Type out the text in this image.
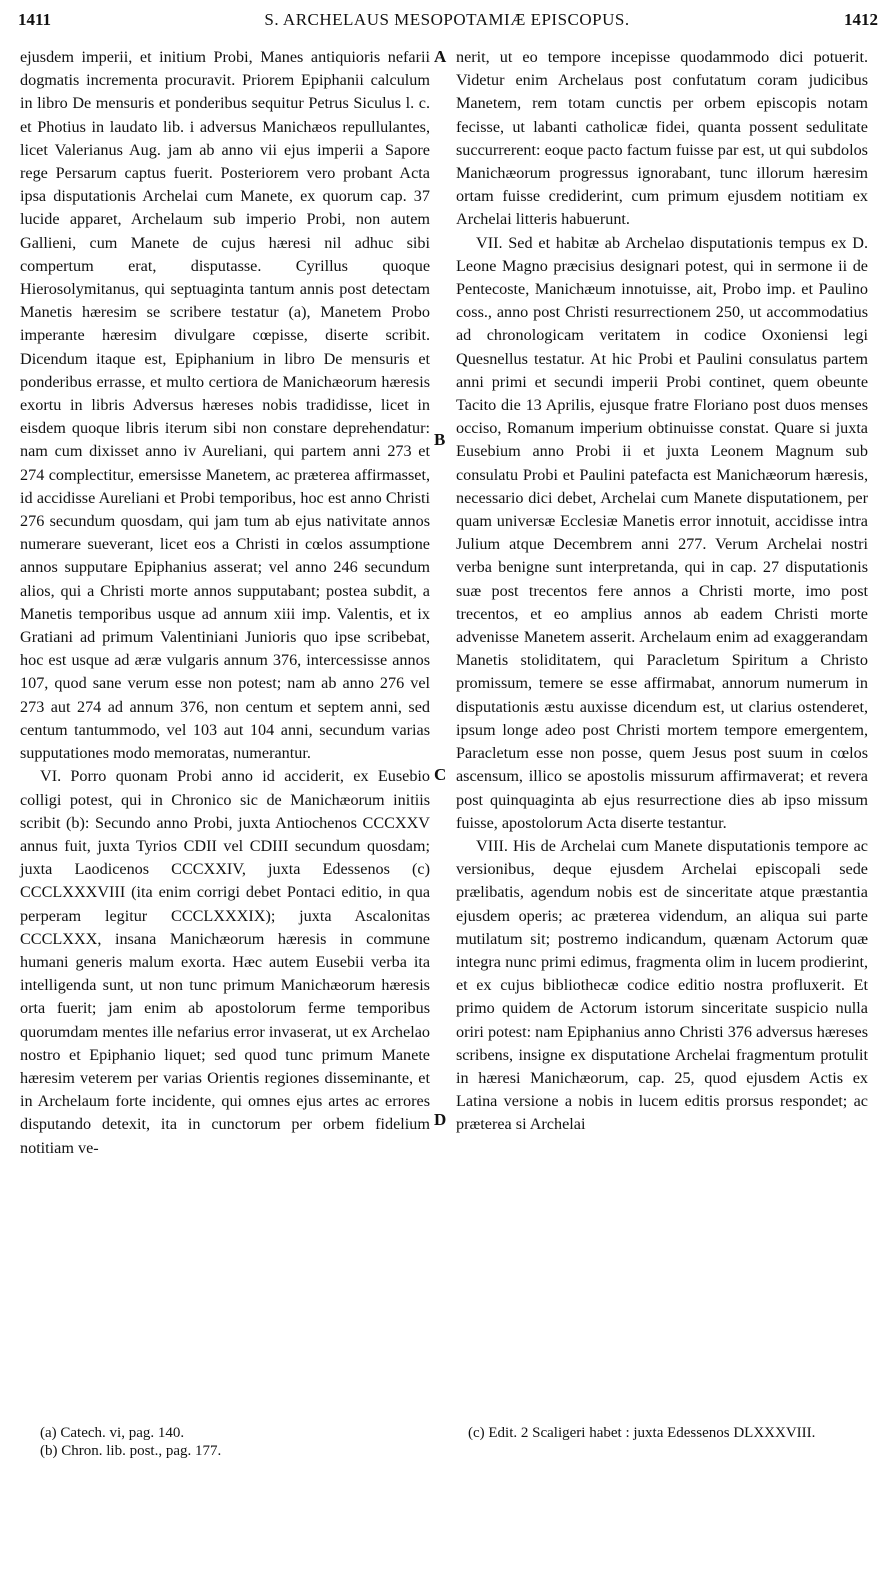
1411	S. ARCHELAUS MESOPOTAMIÆ EPISCOPUS.	1412

ejusdem imperii, et initium Probi, Manes antiquioris nefarii dogmatis incrementa procuravit. Priorem Epiphanii calculum in libro De mensuris et ponderibus sequitur Petrus Siculus l. c. et Photius in laudato lib. i adversus Manichæos repullulantes, licet Valerianus Aug. jam ab anno vii ejus imperii a Sapore rege Persarum captus fuerit. Posteriorem vero probant Acta ipsa disputationis Archelai cum Manete, ex quorum cap. 37 lucide apparet, Archelaum sub imperio Probi, non autem Gallieni, cum Manete de cujus hæresi nil adhuc sibi compertum erat, disputasse. Cyrillus quoque Hierosolymitanus, qui septuaginta tantum annis post detectam Manetis hæresim se scribere testatur (a), Manetem Probo imperante hæresim divulgare cœpisse, diserte scribit. Dicendum itaque est, Epiphanium in libro De mensuris et ponderibus errasse, et multo certiora de Manichæorum hæresis exortu in libris Adversus hæreses nobis tradidisse, licet in eisdem quoque libris iterum sibi non constare deprehendatur: nam cum dixisset anno iv Aureliani, qui partem anni 273 et 274 complectitur, emersisse Manetem, ac præterea affirmasset, id accidisse Aureliani et Probi temporibus, hoc est anno Christi 276 secundum quosdam, qui jam tum ab ejus nativitate annos numerare sueverant, licet eos a Christi in cœlos assumptione annos supputare Epiphanius asserat; vel anno 246 secundum alios, qui a Christi morte annos supputabant; postea subdit, a Manetis temporibus usque ad annum xiii imp. Valentis, et ix Gratiani ad primum Valentiniani Junioris quo ipse scribebat, hoc est usque ad æræ vulgaris annum 376, intercessisse annos 107, quod sane verum esse non potest; nam ab anno 276 vel 273 aut 274 ad annum 376, non centum et septem anni, sed centum tantummodo, vel 103 aut 104 anni, secundum varias supputationes modo memoratas, numerantur.

VI. Porro quonam Probi anno id acciderit, ex Eusebio colligi potest, qui in Chronico sic de Manichæorum initiis scribit (b): Secundo anno Probi, juxta Antiochenos CCCXXV annus fuit, juxta Tyrios CDII vel CDIII secundum quosdam; juxta Laodicenos CCCXXIV, juxta Edessenos (c) CCCLXXXVIII (ita enim corrigi debet Pontaci editio, in qua perperam legitur CCCLXXXIX); juxta Ascalonitas CCCLXXX, insana Manichæorum hæresis in commune humani generis malum exorta. Hæc autem Eusebii verba ita intelligenda sunt, ut non tunc primum Manichæorum hæresis orta fuerit; jam enim ab apostolorum ferme temporibus quorumdam mentes ille nefarius error invaserat, ut ex Archelao nostro et Epiphanio liquet; sed quod tunc primum Manete hæresim veterem per varias Orientis regiones disseminante, et in Archelaum forte incidente, qui omnes ejus artes ac errores disputando detexit, ita in cunctorum per orbem fidelium notitiam ve-

A
B
C
D

nerit, ut eo tempore incepisse quodammodo dici potuerit. Videtur enim Archelaus post confutatum coram judicibus Manetem, rem totam cunctis per orbem episcopis notam fecisse, ut labanti catholicæ fidei, quanta possent sedulitate succurrerent: eoque pacto factum fuisse par est, ut qui subdolos Manichæorum progressus ignorabant, tunc illorum hæresim ortam fuisse crediderint, cum primum ejusdem notitiam ex Archelai litteris habuerunt.

VII. Sed et habitæ ab Archelao disputationis tempus ex D. Leone Magno præcisius designari potest, qui in sermone ii de Pentecoste, Manichæum innotuisse, ait, Probo imp. et Paulino coss., anno post Christi resurrectionem 250, ut accommodatius ad chronologicam veritatem in codice Oxoniensi legi Quesnellus testatur. At hic Probi et Paulini consulatus partem anni primi et secundi imperii Probi continet, quem obeunte Tacito die 13 Aprilis, ejusque fratre Floriano post duos menses occiso, Romanum imperium obtinuisse constat. Quare si juxta Eusebium anno Probi ii et juxta Leonem Magnum sub consulatu Probi et Paulini patefacta est Manichæorum hæresis, necessario dici debet, Archelai cum Manete disputationem, per quam universæ Ecclesiæ Manetis error innotuit, accidisse intra Julium atque Decembrem anni 277. Verum Archelai nostri verba benigne sunt interpretanda, qui in cap. 27 disputationis suæ post trecentos fere annos a Christi morte, imo post trecentos, et eo amplius annos ab eadem Christi morte advenisse Manetem asserit. Archelaum enim ad exaggerandam Manetis stoliditatem, qui Paracletum Spiritum a Christo promissum, temere se esse affirmabat, annorum numerum in disputationis æstu auxisse dicendum est, ut clarius ostenderet, ipsum longe adeo post Christi mortem tempore emergentem, Paracletum esse non posse, quem Jesus post suum in cœlos ascensum, illico se apostolis missurum affirmaverat; et revera post quinquaginta ab ejus resurrectione dies ab ipso missum fuisse, apostolorum Acta diserte testantur.

VIII. His de Archelai cum Manete disputationis tempore ac versionibus, deque ejusdem Archelai episcopali sede prælibatis, agendum nobis est de sinceritate atque præstantia ejusdem operis; ac præterea videndum, an aliqua sui parte mutilatum sit; postremo indicandum, quænam Actorum quæ integra nunc primi edimus, fragmenta olim in lucem prodierint, et ex cujus bibliothecæ codice editio nostra profluxerit. Et primo quidem de Actorum istorum sinceritate suspicio nulla oriri potest: nam Epiphanius anno Christi 376 adversus hæreses scribens, insigne ex disputatione Archelai fragmentum protulit in hæresi Manichæorum, cap. 25, quod ejusdem Actis ex Latina versione a nobis in lucem editis prorsus respondet; ac præterea si Archelai

(a) Catech. vi, pag. 140.
(b) Chron. lib. post., pag. 177.
(c) Edit. 2 Scaligeri habet : juxta Edessenos DLXXXVIII.
